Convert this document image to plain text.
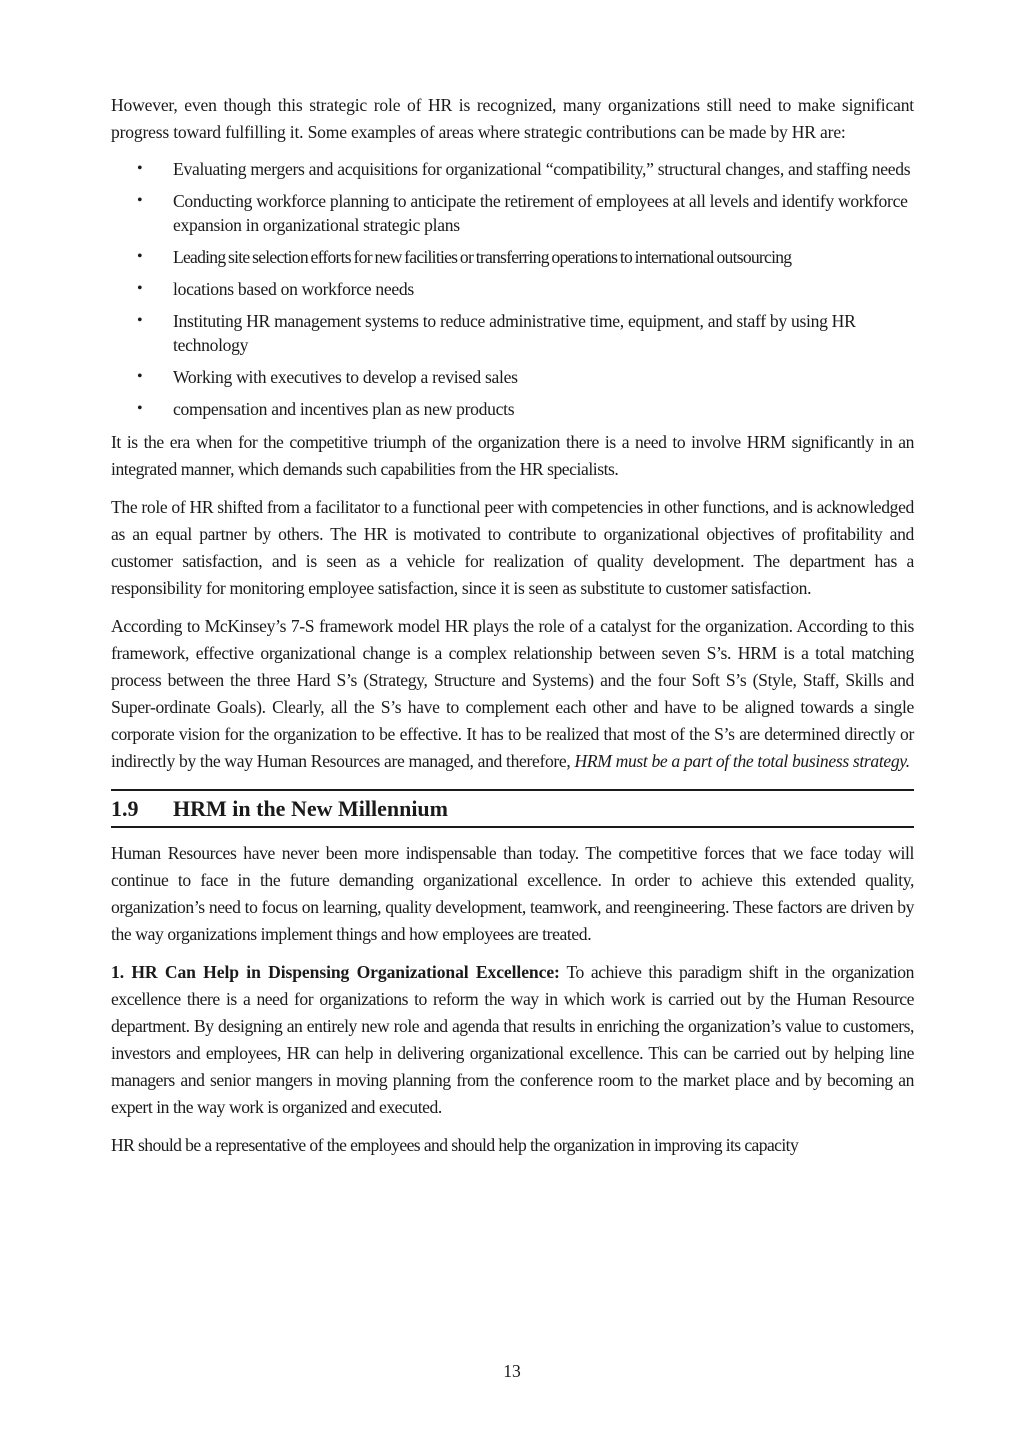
However, even though this strategic role of HR is recognized, many organizations still need to make significant progress toward fulfilling it. Some examples of areas where strategic contributions can be made by HR are:

• Evaluating mergers and acquisitions for organizational “compatibility,” structural changes, and staffing needs
• Conducting workforce planning to anticipate the retirement of employees at all levels and identify workforce expansion in organizational strategic plans
• Leading site selection efforts for new facilities or transferring operations to international outsourcing
• locations based on workforce needs
• Instituting HR management systems to reduce administrative time, equipment, and staff by using HR technology
• Working with executives to develop a revised sales
• compensation and incentives plan as new products

It is the era when for the competitive triumph of the organization there is a need to involve HRM significantly in an integrated manner, which demands such capabilities from the HR specialists.

The role of HR shifted from a facilitator to a functional peer with competencies in other functions, and is acknowledged as an equal partner by others. The HR is motivated to contribute to organizational objectives of profitability and customer satisfaction, and is seen as a vehicle for realization of quality development. The department has a responsibility for monitoring employee satisfaction, since it is seen as substitute to customer satisfaction.

According to McKinsey’s 7-S framework model HR plays the role of a catalyst for the organization. According to this framework, effective organizational change is a complex relationship between seven S’s. HRM is a total matching process between the three Hard S’s (Strategy, Structure and Systems) and the four Soft S’s (Style, Staff, Skills and Super-ordinate Goals). Clearly, all the S’s have to complement each other and have to be aligned towards a single corporate vision for the organization to be effective. It has to be realized that most of the S’s are determined directly or indirectly by the way Human Resources are managed, and therefore, HRM must be a part of the total business strategy.

1.9	HRM in the New Millennium

Human Resources have never been more indispensable than today. The competitive forces that we face today will continue to face in the future demanding organizational excellence. In order to achieve this extended quality, organization’s need to focus on learning, quality development, teamwork, and reengineering. These factors are driven by the way organizations implement things and how employees are treated.

1. HR Can Help in Dispensing Organizational Excellence: To achieve this paradigm shift in the organization excellence there is a need for organizations to reform the way in which work is carried out by the Human Resource department. By designing an entirely new role and agenda that results in enriching the organization’s value to customers, investors and employees, HR can help in delivering organizational excellence. This can be carried out by helping line managers and senior mangers in moving planning from the conference room to the market place and by becoming an expert in the way work is organized and executed.

HR should be a representative of the employees and should help the organization in improving its capacity

13
